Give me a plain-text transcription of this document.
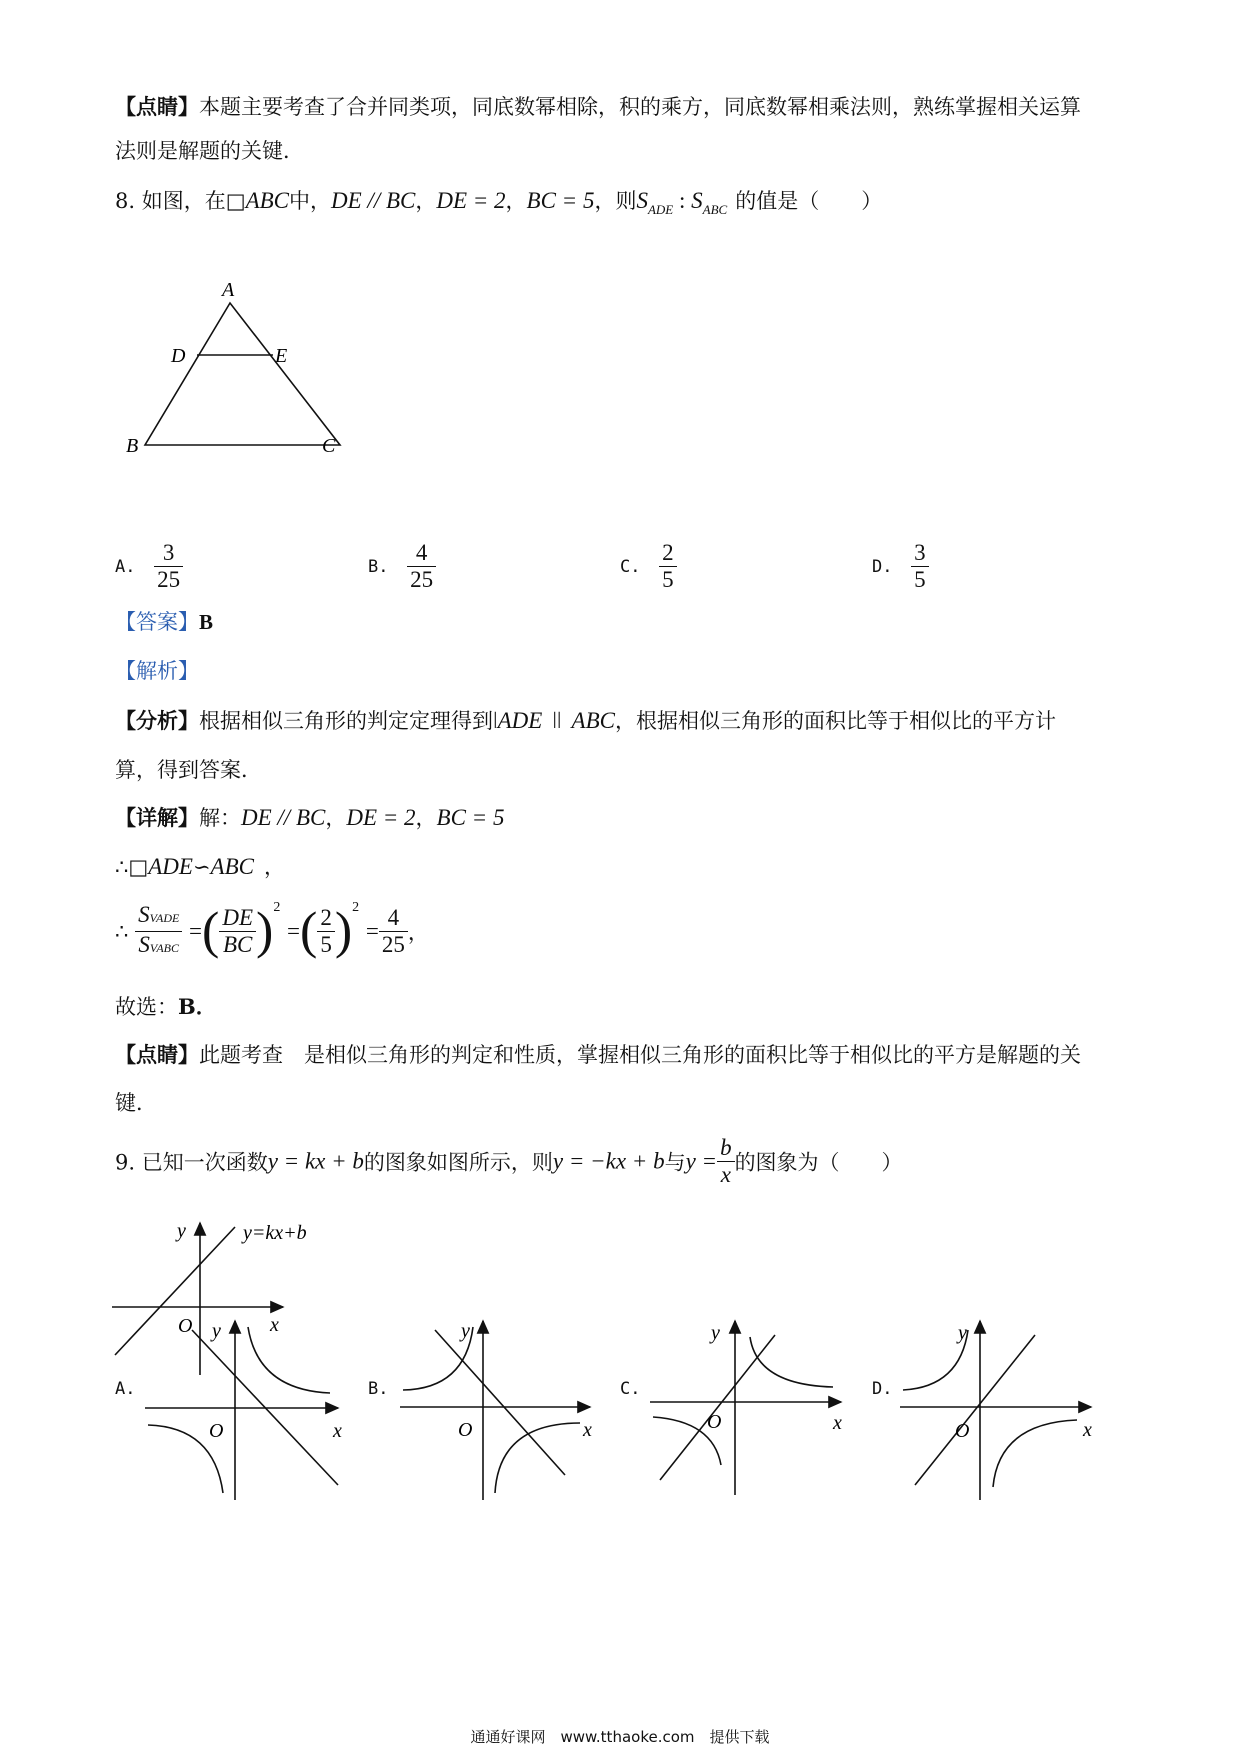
【点睛】本题主要考查了合并同类项，同底数幂相除，积的乘方，同底数幂相乘法则，熟练掌握相关运算
法则是解题的关键．
8. 如图，在□ABC中，DE // BC，DE = 2，BC = 5，则$S_{ADE}$ : $S_{ABC}$ 的值是（　　）
A
D	E
B	C
A. $\frac{3}{25}$	B. $\frac{4}{25}$	C. $\frac{2}{5}$	D. $\frac{3}{5}$
【答案】B
【解析】
【分析】根据相似三角形的判定定理得到ǀADE ǀǀ ABC，根据相似三角形的面积比等于相似比的平方计
算，得到答案．
【详解】解：DE // BC，DE = 2，BC = 5
∴□ADE∽ABC ，
∴ $\frac{\text{SVADE}}{\text{SVABC}}$ =( $\frac{DE}{BC} )^2$ =( $\frac{2}{5} )^2 = \frac{4}{25}$ ，
故选：B．
【点睛】此题考查　是相似三角形的判定和性质，掌握相似三角形的面积比等于相似比的平方是解题的关
键．
9. 已知一次函数y = kx + b的图象如图所示，则y = −kx + b与$y = \frac{b}{x}$ 的图象为（　　）
y
x
O
y=kx+b
A.
y
x
O
B.
y
x
O
C.
y
x
O
D.
y
x
O
通通好课网　www.tthaoke.com　提供下载
